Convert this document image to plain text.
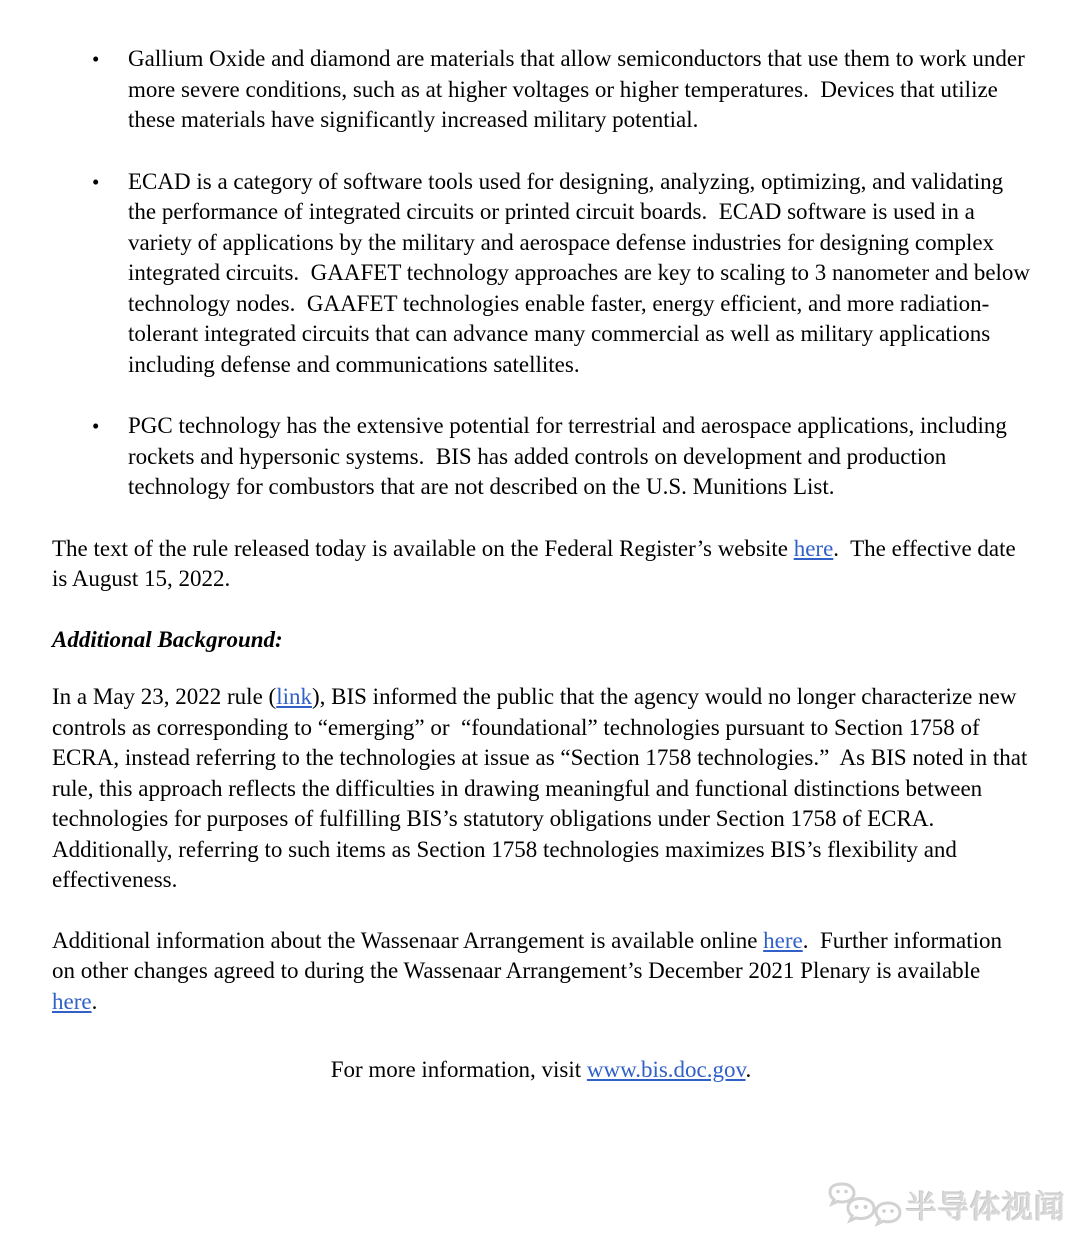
•	Gallium Oxide and diamond are materials that allow semiconductors that use them to work under more severe conditions, such as at higher voltages or higher temperatures.  Devices that utilize these materials have significantly increased military potential.
•	ECAD is a category of software tools used for designing, analyzing, optimizing, and validating the performance of integrated circuits or printed circuit boards.  ECAD software is used in a variety of applications by the military and aerospace defense industries for designing complex integrated circuits.  GAAFET technology approaches are key to scaling to 3 nanometer and below technology nodes.  GAAFET technologies enable faster, energy efficient, and more radiation-tolerant integrated circuits that can advance many commercial as well as military applications including defense and communications satellites.
•	PGC technology has the extensive potential for terrestrial and aerospace applications, including rockets and hypersonic systems.  BIS has added controls on development and production technology for combustors that are not described on the U.S. Munitions List.

The text of the rule released today is available on the Federal Register’s website here.  The effective date is August 15, 2022.

Additional Background:

In a May 23, 2022 rule (link), BIS informed the public that the agency would no longer characterize new controls as corresponding to “emerging” or  “foundational” technologies pursuant to Section 1758 of ECRA, instead referring to the technologies at issue as “Section 1758 technologies.”  As BIS noted in that rule, this approach reflects the difficulties in drawing meaningful and functional distinctions between technologies for purposes of fulfilling BIS’s statutory obligations under Section 1758 of ECRA.  Additionally, referring to such items as Section 1758 technologies maximizes BIS’s flexibility and effectiveness.

Additional information about the Wassenaar Arrangement is available online here.  Further information on other changes agreed to during the Wassenaar Arrangement’s December 2021 Plenary is available here.

For more information, visit www.bis.doc.gov.

半导体视闻
